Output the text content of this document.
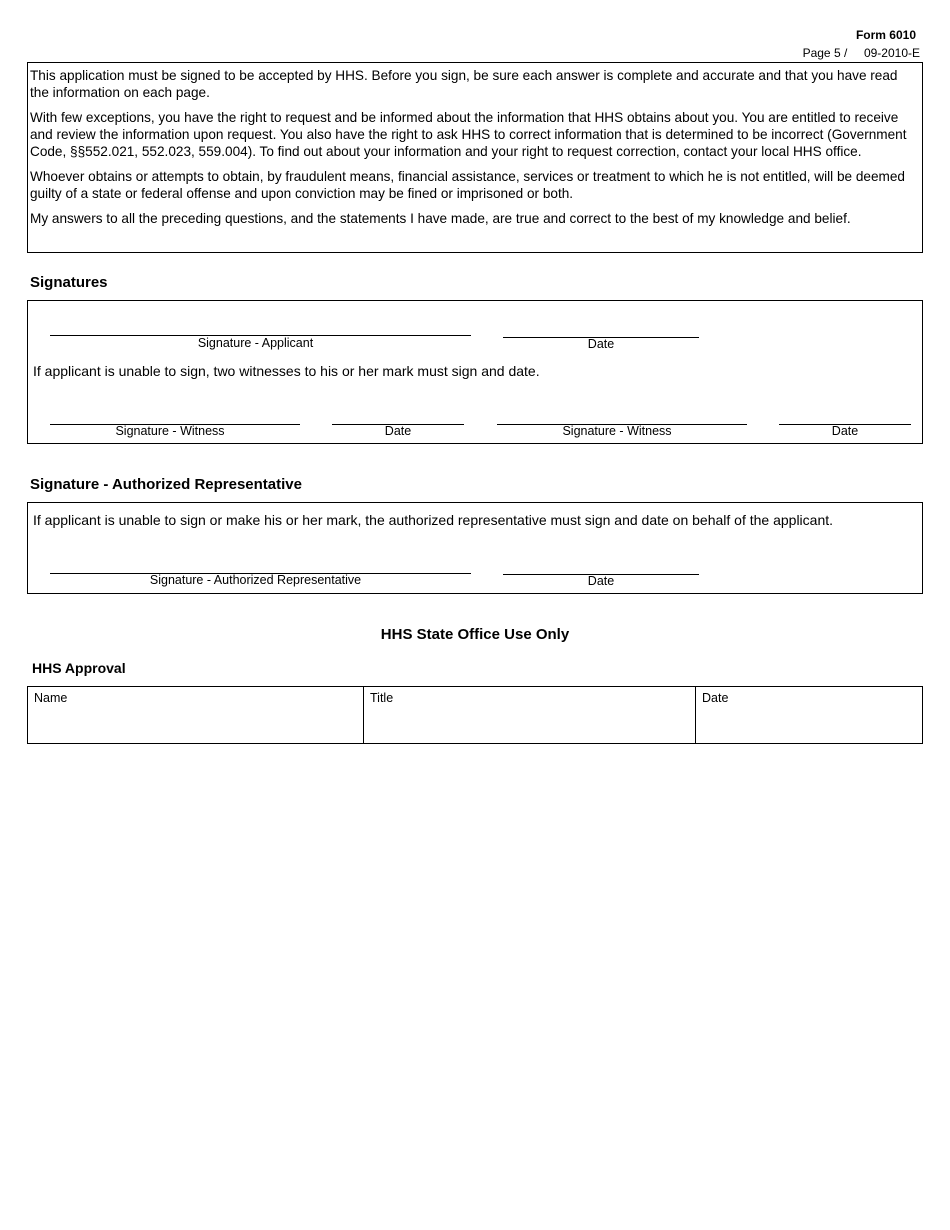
Form 6010
Page 5 /     09-2010-E

This application must be signed to be accepted by HHS. Before you sign, be sure each answer is complete and accurate and that you have read the information on each page.

With few exceptions, you have the right to request and be informed about the information that HHS obtains about you. You are entitled to receive and review the information upon request. You also have the right to ask HHS to correct information that is determined to be incorrect (Government Code, §§552.021, 552.023, 559.004). To find out about your information and your right to request correction, contact your local HHS office.

Whoever obtains or attempts to obtain, by fraudulent means, financial assistance, services or treatment to which he is not entitled, will be deemed guilty of a state or federal offense and upon conviction may be fined or imprisoned or both.

My answers to all the preceding questions, and the statements I have made, are true and correct to the best of my knowledge and belief.

Signatures
Signature - Applicant	Date
If applicant is unable to sign, two witnesses to his or her mark must sign and date.
Signature - Witness	Date	Signature - Witness	Date
Signature - Authorized Representative
If applicant is unable to sign or make his or her mark, the authorized representative must sign and date on behalf of the applicant.
Signature - Authorized Representative	Date
HHS State Office Use Only
HHS Approval
Name	Title	Date
